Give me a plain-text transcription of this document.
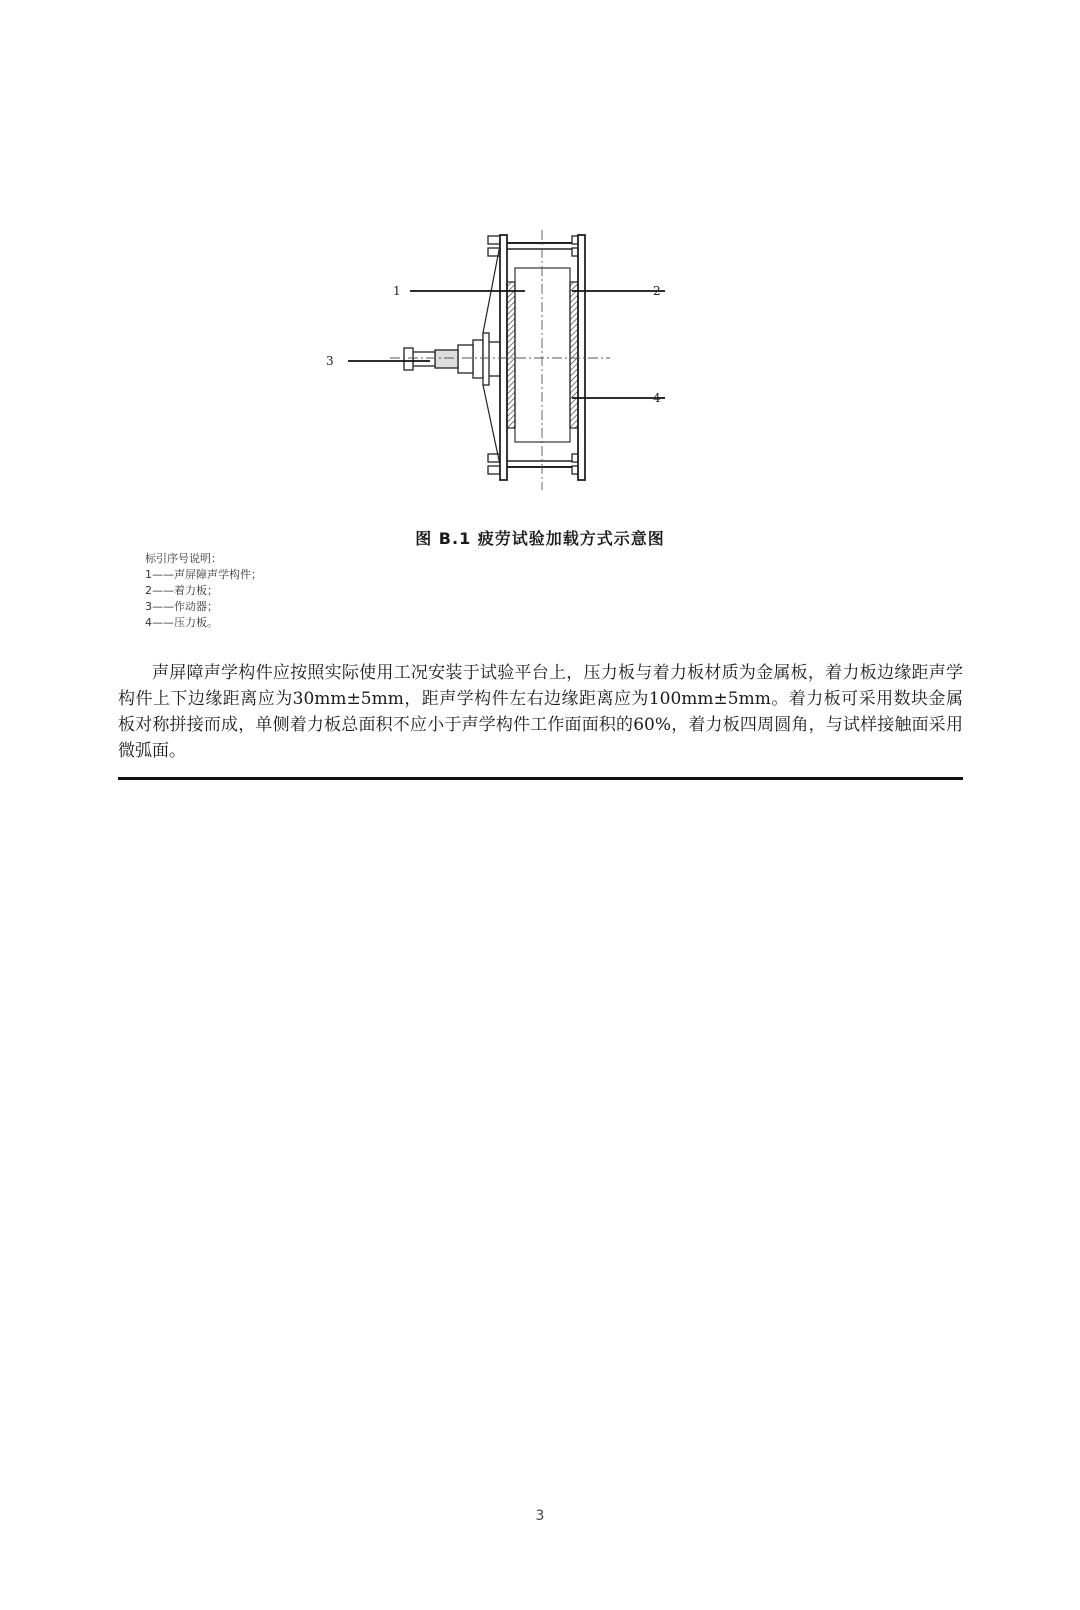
1	2
3
4
图 B.1 疲劳试验加载方式示意图
标引序号说明：
1——声屏障声学构件；
2——着力板；
3——作动器；
4——压力板。

声屏障声学构件应按照实际使用工况安装于试验平台上，压力板与着力板材质为金属板，着力板边缘距声学构件上下边缘距离应为30mm±5mm，距声学构件左右边缘距离应为100mm±5mm。着力板可采用数块金属板对称拼接而成，单侧着力板总面积不应小于声学构件工作面面积的60%，着力板四周圆角，与试样接触面采用微弧面。

3
